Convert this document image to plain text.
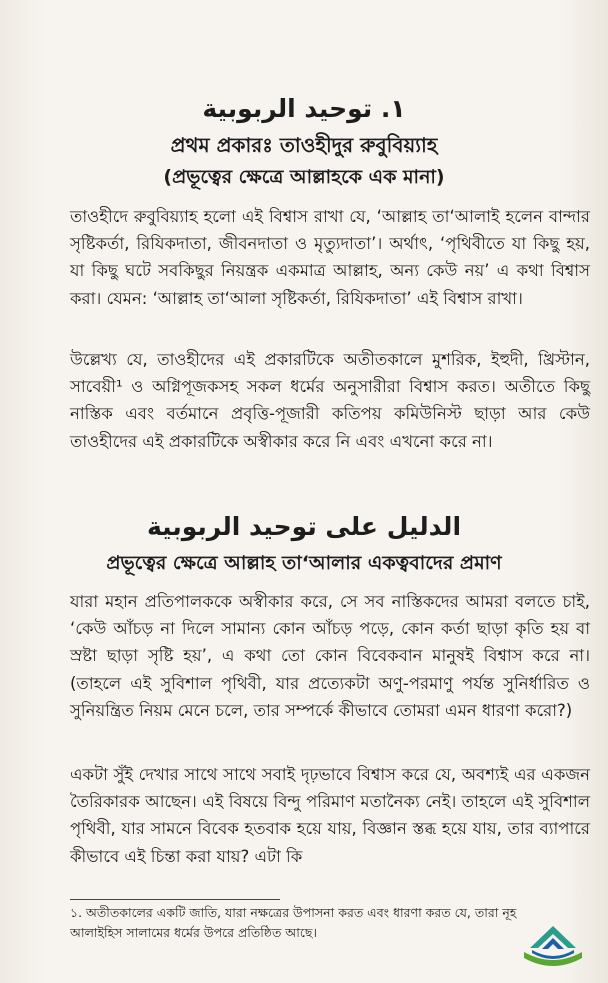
١. توحيد الربوبية
প্রথম প্রকারঃ তাওহীদুর রুবুবিয়্যাহ
(প্রভূত্বের ক্ষেত্রে আল্লাহকে এক মানা)
তাওহীদে রুবুবিয়্যাহ হলো এই বিশ্বাস রাখা যে, ‘আল্লাহ তা‘আলাই হলেন বান্দার সৃষ্টিকর্তা, রিযিকদাতা, জীবনদাতা ও মৃত্যুদাতা’। অর্থাৎ, ‘পৃথিবীতে যা কিছু হয়, যা কিছু ঘটে সবকিছুর নিয়ন্ত্রক একমাত্র আল্লাহ, অন্য কেউ নয়’ এ কথা বিশ্বাস করা। যেমন: ‘আল্লাহ তা‘আলা সৃষ্টিকর্তা, রিযিকদাতা’ এই বিশ্বাস রাখা।
উল্লেখ্য যে, তাওহীদের এই প্রকারটিকে অতীতকালে মুশরিক, ইহুদী, খ্রিস্টান, সাবেয়ী¹ ও অগ্নিপূজকসহ সকল ধর্মের অনুসারীরা বিশ্বাস করত। অতীতে কিছু নাস্তিক এবং বর্তমানে প্রবৃত্তি-পূজারী কতিপয় কমিউনিস্ট ছাড়া আর কেউ তাওহীদের এই প্রকারটিকে অস্বীকার করে নি এবং এখনো করে না।
الدليل على توحيد الربوبية
প্রভূত্বের ক্ষেত্রে আল্লাহ তা‘আলার একত্ববাদের প্রমাণ
যারা মহান প্রতিপালককে অস্বীকার করে, সে সব নাস্তিকদের আমরা বলতে চাই, ‘কেউ আঁচড় না দিলে সামান্য কোন আঁচড় পড়ে, কোন কর্তা ছাড়া কৃতি হয় বা স্রষ্টা ছাড়া সৃষ্টি হয়’, এ কথা তো কোন বিবেকবান মানুষই বিশ্বাস করে না। (তাহলে এই সুবিশাল পৃথিবী, যার প্রত্যেকটা অণু-পরমাণু পর্যন্ত সুনির্ধারিত ও সুনিয়ন্ত্রিত নিয়ম মেনে চলে, তার সম্পর্কে কীভাবে তোমরা এমন ধারণা করো?)
একটা সুঁই দেখার সাথে সাথে সবাই দৃঢ়ভাবে বিশ্বাস করে যে, অবশ্যই এর একজন তৈরিকারক আছেন। এই বিষয়ে বিন্দু পরিমাণ মতানৈক্য নেই। তাহলে এই সুবিশাল পৃথিবী, যার সামনে বিবেক হতবাক হয়ে যায়, বিজ্ঞান স্তব্ধ হয়ে যায়, তার ব্যাপারে কীভাবে এই চিন্তা করা যায়? এটা কি
১. অতীতকালের একটি জাতি, যারা নক্ষত্রের উপাসনা করত এবং ধারণা করত যে, তারা নূহ আলাইহিস সালামের ধর্মের উপরে প্রতিষ্ঠিত আছে।
